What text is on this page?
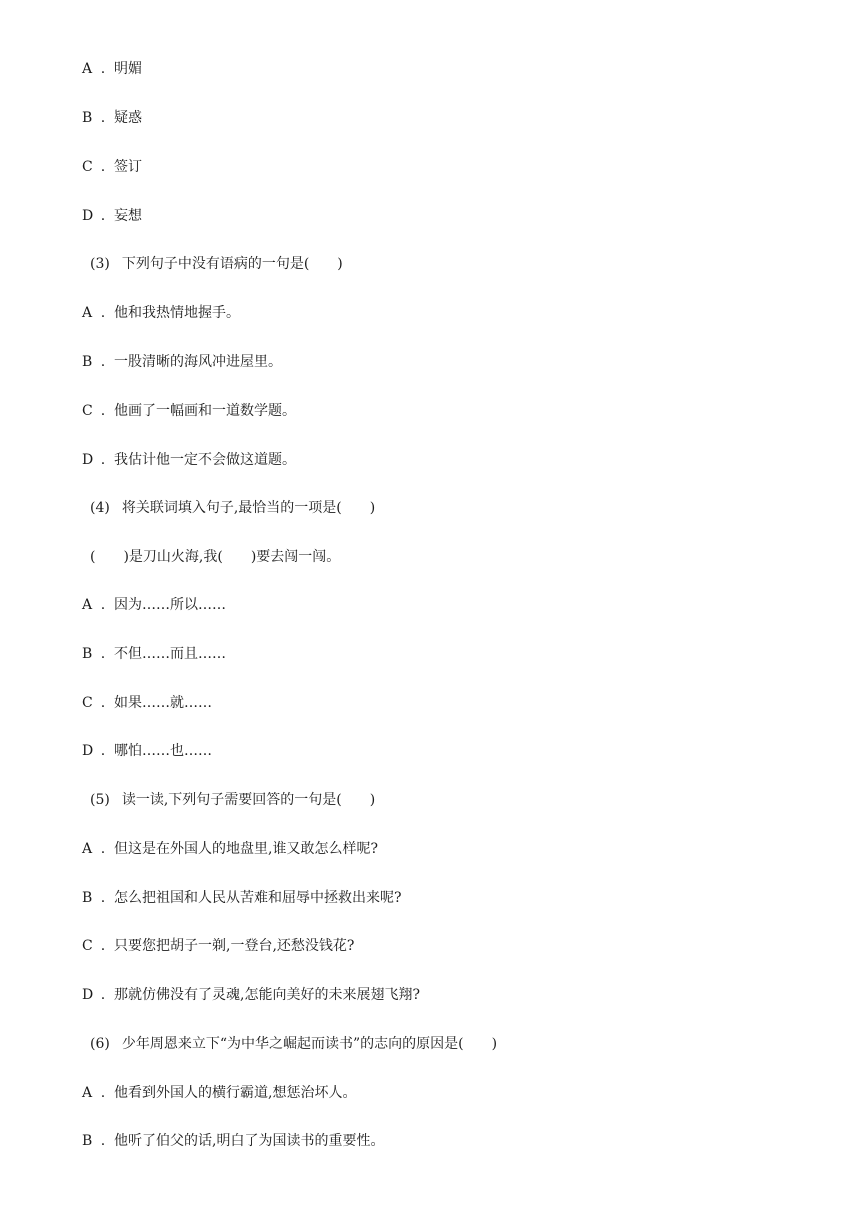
A . 明媚
B . 疑惑
C . 签订
D . 妄想
(3) 下列句子中没有语病的一句是(　　)
A . 他和我热情地握手。
B . 一股清晰的海风冲进屋里。
C . 他画了一幅画和一道数学题。
D . 我估计他一定不会做这道题。
(4) 将关联词填入句子,最恰当的一项是(　　)
(　　)是刀山火海,我(　　)要去闯一闯。
A . 因为……所以……
B . 不但……而且……
C . 如果……就……
D . 哪怕……也……
(5) 读一读,下列句子需要回答的一句是(　　)
A . 但这是在外国人的地盘里,谁又敢怎么样呢?
B . 怎么把祖国和人民从苦难和屈辱中拯救出来呢?
C . 只要您把胡子一剃,一登台,还愁没钱花?
D . 那就仿佛没有了灵魂,怎能向美好的未来展翅飞翔?
(6) 少年周恩来立下“为中华之崛起而读书”的志向的原因是(　　)
A . 他看到外国人的横行霸道,想惩治坏人。
B . 他听了伯父的话,明白了为国读书的重要性。
